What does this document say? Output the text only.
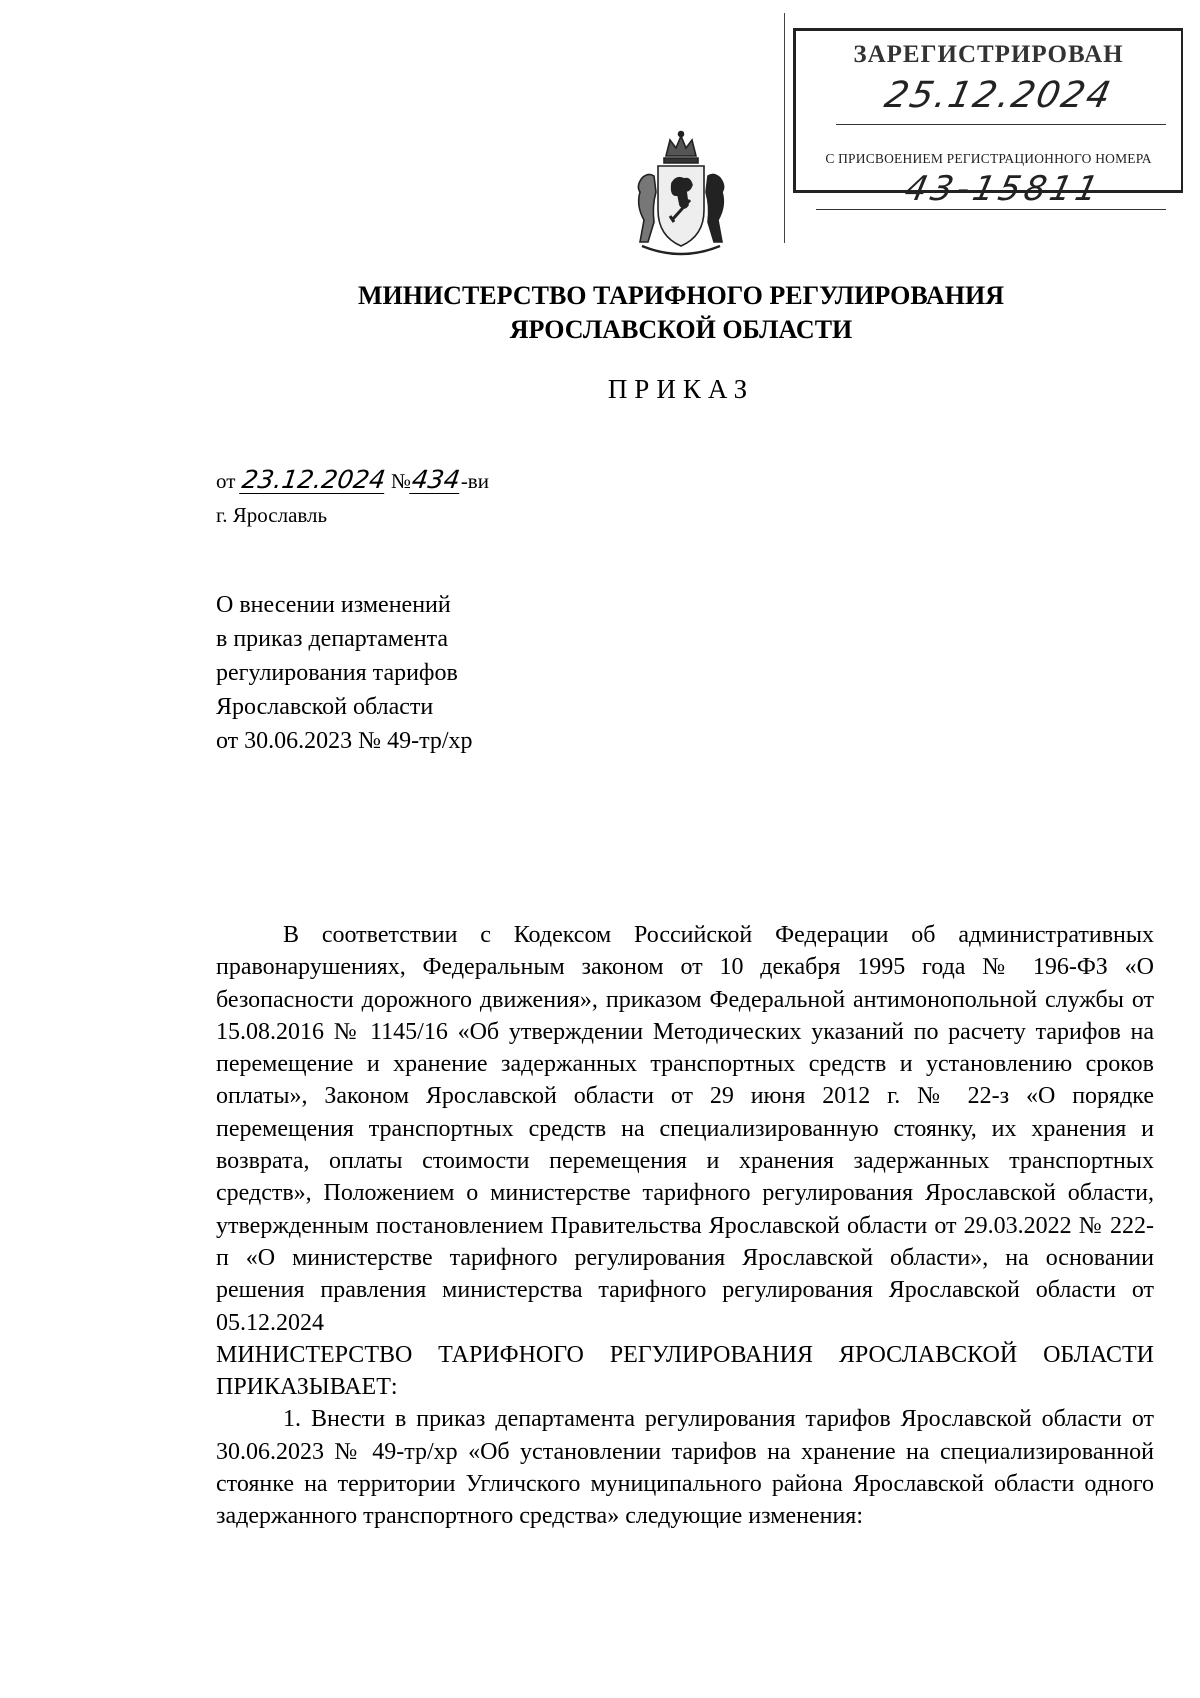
ЗАРЕГИСТРИРОВАН
25.12.2024
С ПРИСВОЕНИЕМ РЕГИСТРАЦИОННОГО НОМЕРА
43-15811
МИНИСТЕРСТВО ТАРИФНОГО РЕГУЛИРОВАНИЯ
ЯРОСЛАВСКОЙ ОБЛАСТИ
ПРИКАЗ
от 23.12.2024 №434-ви
г. Ярославль
О внесении изменений
в приказ департамента
регулирования тарифов
Ярославской области
от 30.06.2023 № 49-тр/хр

В соответствии с Кодексом Российской Федерации об административных правонарушениях, Федеральным законом от 10 декабря 1995 года № 196-ФЗ «О безопасности дорожного движения», приказом Федеральной антимонопольной службы от 15.08.2016 № 1145/16 «Об утверждении Методических указаний по расчету тарифов на перемещение и хранение задержанных транспортных средств и установлению сроков оплаты», Законом Ярославской области от 29 июня 2012 г. № 22-з «О порядке перемещения транспортных средств на специализированную стоянку, их хранения и возврата, оплаты стоимости перемещения и хранения задержанных транспортных средств», Положением о министерстве тарифного регулирования Ярославской области, утвержденным постановлением Правительства Ярославской области от 29.03.2022 № 222-п «О министерстве тарифного регулирования Ярославской области», на основании решения правления министерства тарифного регулирования Ярославской области от 05.12.2024

МИНИСТЕРСТВО ТАРИФНОГО РЕГУЛИРОВАНИЯ ЯРОСЛАВСКОЙ ОБЛАСТИ ПРИКАЗЫВАЕТ:

1. Внести в приказ департамента регулирования тарифов Ярославской области от 30.06.2023 № 49-тр/хр «Об установлении тарифов на хранение на специализированной стоянке на территории Угличского муниципального района Ярославской области одного задержанного транспортного средства» следующие изменения:
